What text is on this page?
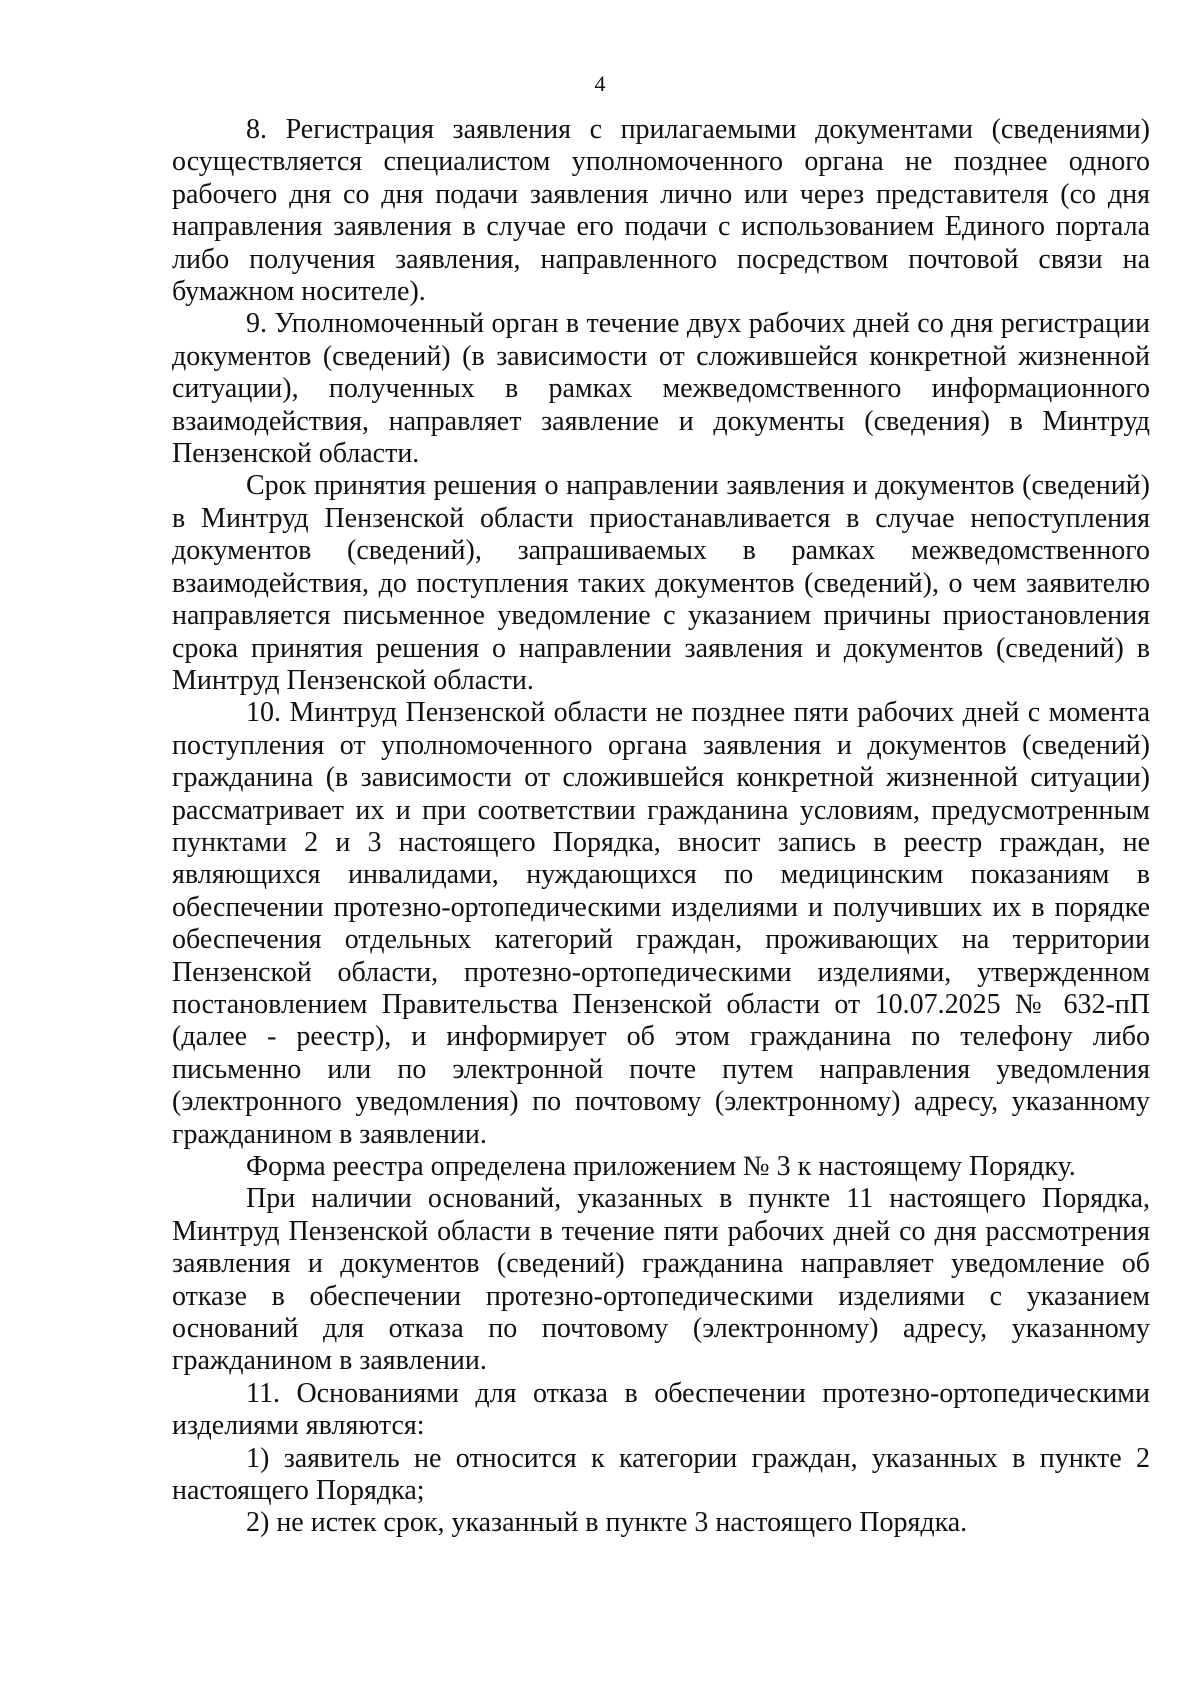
4

8. Регистрация заявления с прилагаемыми документами (сведениями) осуществляется специалистом уполномоченного органа не позднее одного рабочего дня со дня подачи заявления лично или через представителя (со дня направления заявления в случае его подачи с использованием Единого портала либо получения заявления, направленного посредством почтовой связи на бумажном носителе).

9. Уполномоченный орган в течение двух рабочих дней со дня регистрации документов (сведений) (в зависимости от сложившейся конкретной жизненной ситуации), полученных в рамках межведомственного информационного взаимодействия, направляет заявление и документы (сведения) в Минтруд Пензенской области.

Срок принятия решения о направлении заявления и документов (сведений) в Минтруд Пензенской области приостанавливается в случае непоступления документов (сведений), запрашиваемых в рамках межведомственного взаимодействия, до поступления таких документов (сведений), о чем заявителю направляется письменное уведомление с указанием причины приостановления срока принятия решения о направлении заявления и документов (сведений) в Минтруд Пензенской области.

10. Минтруд Пензенской области не позднее пяти рабочих дней с момента поступления от уполномоченного органа заявления и документов (сведений) гражданина (в зависимости от сложившейся конкретной жизненной ситуации) рассматривает их и при соответствии гражданина условиям, предусмотренным пунктами 2 и 3 настоящего Порядка, вносит запись в реестр граждан, не являющихся инвалидами, нуждающихся по медицинским показаниям в обеспечении протезно-ортопедическими изделиями и получивших их в порядке обеспечения отдельных категорий граждан, проживающих на территории Пензенской области, протезно-ортопедическими изделиями, утвержденном постановлением Правительства Пензенской области от 10.07.2025 № 632-пП (далее - реестр), и информирует об этом гражданина по телефону либо письменно или по электронной почте путем направления уведомления (электронного уведомления) по почтовому (электронному) адресу, указанному гражданином в заявлении.

Форма реестра определена приложением № 3 к настоящему Порядку.

При наличии оснований, указанных в пункте 11 настоящего Порядка, Минтруд Пензенской области в течение пяти рабочих дней со дня рассмотрения заявления и документов (сведений) гражданина направляет уведомление об отказе в обеспечении протезно-ортопедическими изделиями с указанием оснований для отказа по почтовому (электронному) адресу, указанному гражданином в заявлении.

11. Основаниями для отказа в обеспечении протезно-ортопедическими изделиями являются:

1) заявитель не относится к категории граждан, указанных в пункте 2 настоящего Порядка;

2) не истек срок, указанный в пункте 3 настоящего Порядка.
